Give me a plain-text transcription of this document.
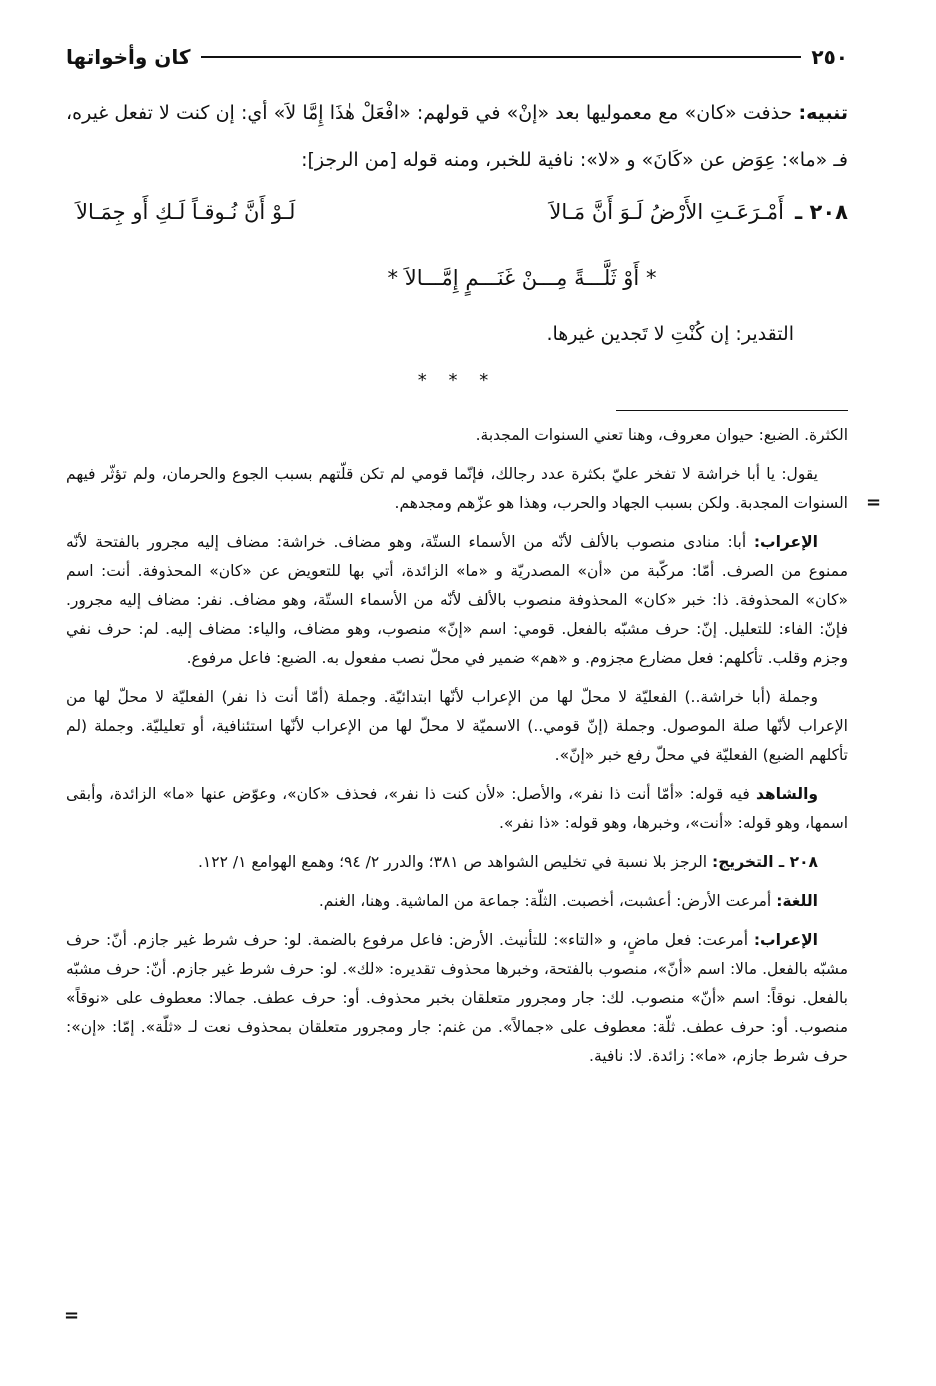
٢٥٠
كان وأخواتها
تنبيه: حذفت «كان» مع معموليها بعد «إنْ» في قولهم: «افْعَلْ هٰذَا إِمَّا لاَ» أي: إن كنت لا تفعل غيره، فـ «ما»: عِوَض عن «كَانَ» و «لا»: نافية للخبر، ومنه قوله [من الرجز]:
٢٠٨ ـ
أَمْـرَعَـتِ الأَرْضُ لَـوَ أَنَّ مَـالاَ
لَـوْ أَنَّ نُـوقـاً لَـكِ أَو جِمَـالاَ
* أَوْ ثَلَّـــةً مِـــنْ غَنَـــمٍ إِمَّـــالاَ *
التقدير: إن كُنْتِ لا تَجدين غيرها.
* * *

الكثرة. الضبع: حيوان معروف، وهنا تعني السنوات المجدبة.

يقول: يا أبا خراشة لا تفخر عليّ بكثرة عدد رجالك، فإنّما قومي لم تكن قلّتهم بسبب الجوع والحرمان، ولم تؤثّر فيهم السنوات المجدبة. ولكن بسبب الجهاد والحرب، وهذا هو عزّهم ومجدهم.

الإعراب: أبا: منادى منصوب بالألف لأنّه من الأسماء الستّة، وهو مضاف. خراشة: مضاف إليه مجرور بالفتحة لأنّه ممنوع من الصرف. أمّا: مركّبة من «أن» المصدريّة و «ما» الزائدة، أتي بها للتعويض عن «كان» المحذوفة. أنت: اسم «كان» المحذوفة. ذا: خبر «كان» المحذوفة منصوب بالألف لأنّه من الأسماء الستّة، وهو مضاف. نفر: مضاف إليه مجرور. فإنّ: الفاء: للتعليل. إنّ: حرف مشبّه بالفعل. قومي: اسم «إنّ» منصوب، وهو مضاف، والياء: مضاف إليه. لم: حرف نفي وجزم وقلب. تأكلهم: فعل مضارع مجزوم. و «هم» ضمير في محلّ نصب مفعول به. الضبع: فاعل مرفوع.

وجملة (أبا خراشة..) الفعليّة لا محلّ لها من الإعراب لأنّها ابتدائيّة. وجملة (أمّا أنت ذا نفر) الفعليّة لا محلّ لها من الإعراب لأنّها صلة الموصول. وجملة (إنّ قومي..) الاسميّة لا محلّ لها من الإعراب لأنّها استئنافية، أو تعليليّة. وجملة (لم تأكلهم الضبع) الفعليّة في محلّ رفع خبر «إنّ».

والشاهد فيه قوله: «أمّا أنت ذا نفر»، والأصل: «لأن كنت ذا نفر»، فحذف «كان»، وعوّض عنها «ما» الزائدة، وأبقى اسمها، وهو قوله: «أنت»، وخبرها، وهو قوله: «ذا نفر».

٢٠٨ ـ التخريج: الرجز بلا نسبة في تخليص الشواهد ص ٣٨١؛ والدرر ٢/ ٩٤؛ وهمع الهوامع ١/ ١٢٢.

اللغة: أمرعت الأرض: أعشبت، أخصبت. الثلّة: جماعة من الماشية. وهنا، الغنم.

الإعراب: أمرعت: فعل ماضٍ، و «التاء»: للتأنيث. الأرض: فاعل مرفوع بالضمة. لو: حرف شرط غير جازم. أنّ: حرف مشبّه بالفعل. مالا: اسم «أنّ»، منصوب بالفتحة، وخبرها محذوف تقديره: «لك». لو: حرف شرط غير جازم. أنّ: حرف مشبّه بالفعل. نوقاً: اسم «أنّ» منصوب. لك: جار ومجرور متعلقان بخبر محذوف. أو: حرف عطف. جمالا: معطوف على «نوقاً» منصوب. أو: حرف عطف. ثلّة: معطوف على «جمالاً». من غنم: جار ومجرور متعلقان بمحذوف نعت لـ «ثلّة». إمّا: «إن»: حرف شرط جازم، «ما»: زائدة. لا: نافية.

=
=
